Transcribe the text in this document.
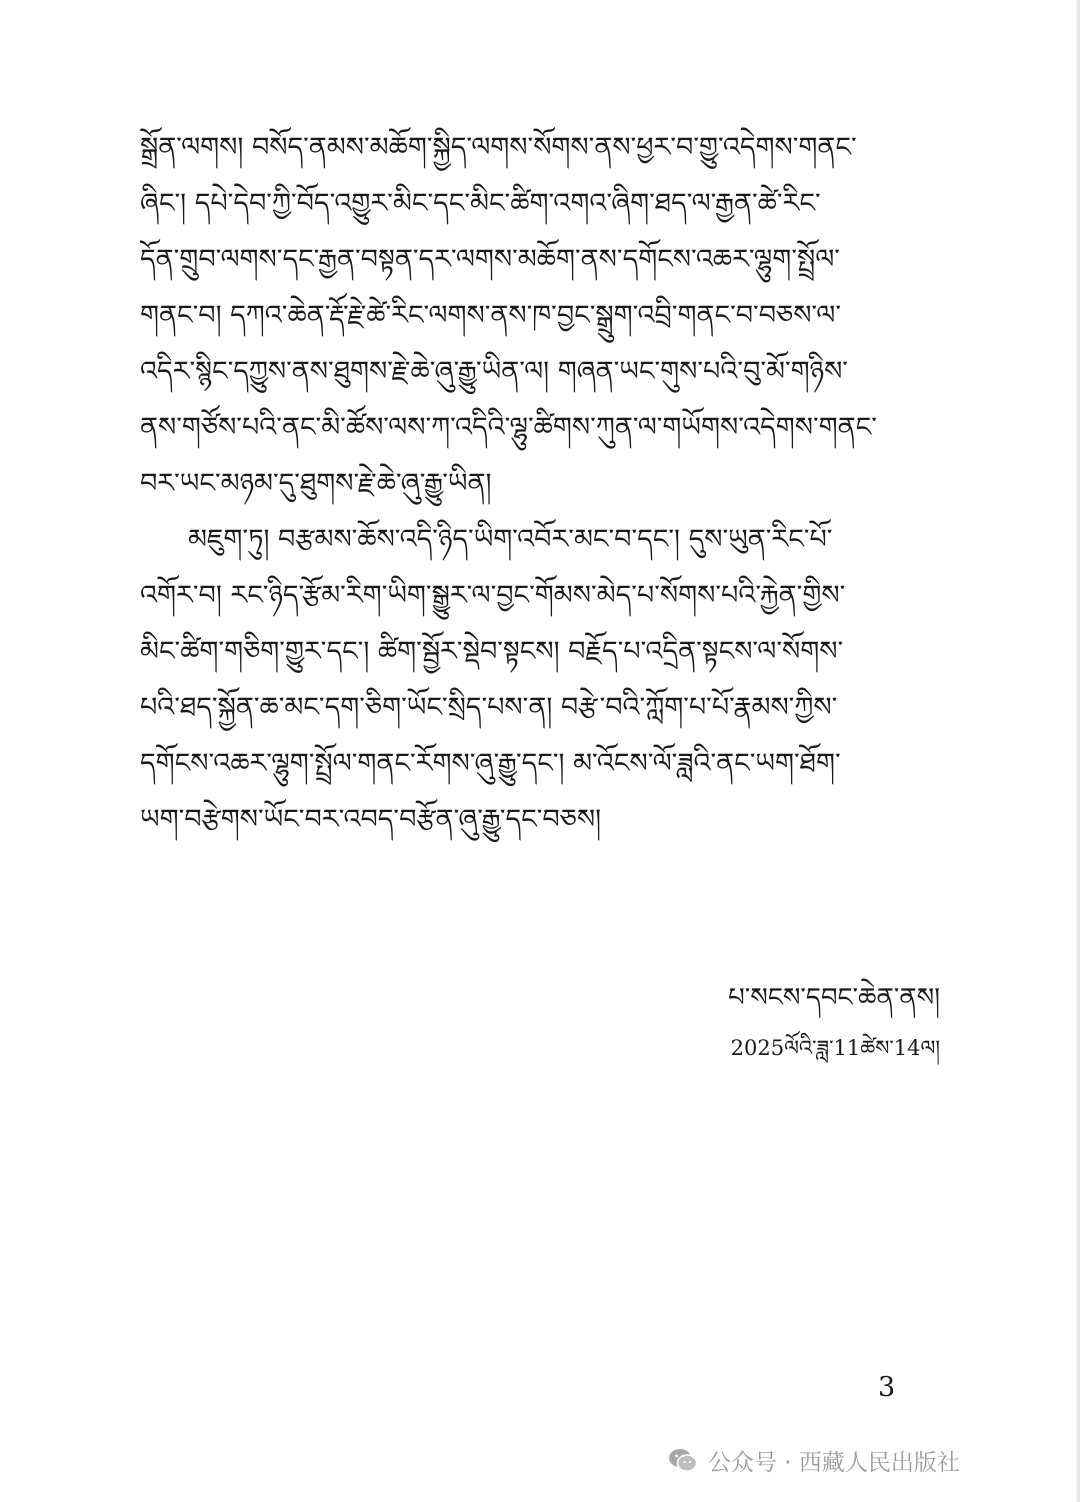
སྒྲོན་ལགས། བསོད་ནམས་མཆོག་སྐྱིད་ལགས་སོགས་ནས་ཕྱར་བ་གྱུ་འདེགས་གནང་
ཞིང་། དཔེ་དེབ་ཀྱི་བོད་འགྱུར་མིང་དང་མིང་ཚིག་འགའ་ཞིག་ཐད་ལ་རྒྱན་ཚེ་རིང་
དོན་གྲུབ་ལགས་དང་རྒྱན་བསྟན་དར་ལགས་མཆོག་ནས་དགོངས་འཆར་ལྷུག་སྤྲོལ་
གནང་བ། དཀའ་ཆེན་རྡོ་རྗེ་ཚེ་རིང་ལགས་ནས་ཁ་བྱང་སྒྲུག་འབྲི་གནང་བ་བཅས་ལ་
འདིར་སྙིང་དཀྱུས་ནས་ཐུགས་རྗེ་ཆེ་ཞུ་རྒྱུ་ཡིན་ལ། གཞན་ཡང་གུས་པའི་བུ་མོ་གཉིས་
ནས་གཙོས་པའི་ནང་མི་ཚོས་ལས་ཀ་འདིའི་ལྷུ་ཚིགས་ཀུན་ལ་གཡོགས་འདེགས་གནང་
བར་ཡང་མཉམ་དུ་ཐུགས་རྗེ་ཆེ་ཞུ་རྒྱུ་ཡིན།
མཇུག་ཏུ། བརྩམས་ཆོས་འདི་ཉིད་ཡིག་འབོར་མང་བ་དང་། དུས་ཡུན་རིང་པོ་
འགོར་བ། རང་ཉིད་རྩོམ་རིག་ཡིག་སྒྱུར་ལ་བྱང་གོམས་མེད་པ་སོགས་པའི་རྐྱེན་གྱིས་
མིང་ཚིག་གཅིག་གྱུར་དང་། ཚིག་སྦྱོར་སྡེབ་སྟངས། བརྗོད་པ་འདྲིན་སྟངས་ལ་སོགས་
པའི་ཐད་སྐྱོན་ཆ་མང་དག་ཅིག་ཡོང་སྲིད་པས་ན། བརྩེ་བའི་ཀློག་པ་པོ་རྣམས་ཀྱིས་
དགོངས་འཆར་ལྷུག་སྤྲོལ་གནང་རོགས་ཞུ་རྒྱུ་དང་། མ་འོངས་ལོ་ཟླའི་ནང་ཡག་ཐོག་
ཡག་བརྩེགས་ཡོང་བར་འབད་བརྩོན་ཞུ་རྒྱུ་དང་བཅས།
པ་སངས་དབང་ཆེན་ནས།
2025ལོའི་ཟླ་11ཚེས་14ལ།
3
公众号 · 西藏人民出版社
